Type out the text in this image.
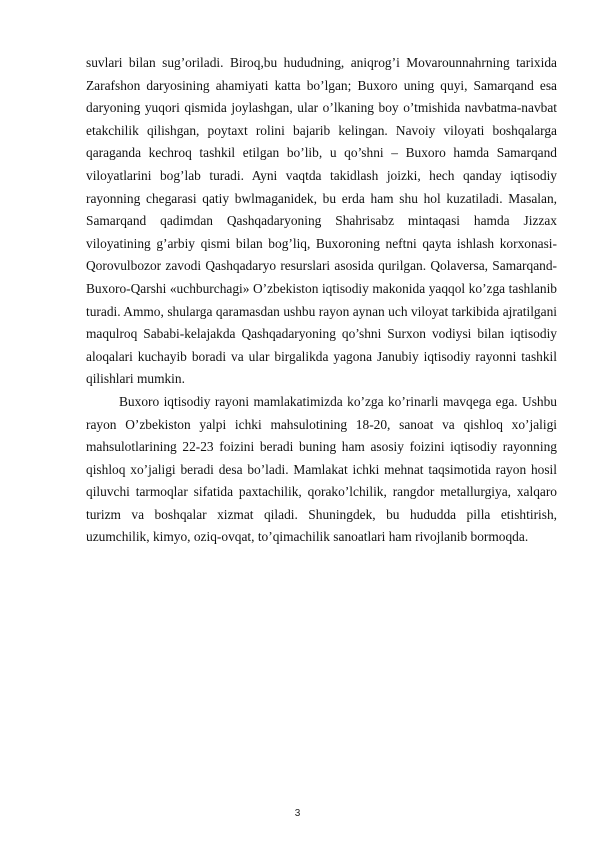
suvlari bilan sug’oriladi. Biroq,bu hududning, aniqrog’i Movarounnahrning tarixida Zarafshon daryosining ahamiyati katta bo’lgan; Buxoro uning quyi, Samarqand esa daryoning yuqori qismida joylashgan, ular o’lkaning boy o’tmishida navbatma-navbat etakchilik qilishgan, poytaxt rolini bajarib kelingan. Navoiy viloyati boshqalarga qaraganda kechroq tashkil etilgan bo’lib, u qo’shni – Buxoro hamda Samarqand viloyatlarini bog’lab turadi. Ayni vaqtda takidlash joizki, hech qanday iqtisodiy rayonning chegarasi qatiy bwlmaganidek, bu erda ham shu hol kuzatiladi. Masalan, Samarqand qadimdan Qashqadaryoning Shahrisabz mintaqasi hamda Jizzax viloyatining g’arbiy qismi bilan bog’liq, Buxoroning neftni qayta ishlash korxonasi-Qorovulbozor zavodi Qashqadaryo resurslari asosida qurilgan. Qolaversa, Samarqand-Buxoro-Qarshi «uchburchagi» O’zbekiston iqtisodiy makonida yaqqol ko’zga tashlanib turadi. Ammo, shularga qaramasdan ushbu rayon aynan uch viloyat tarkibida ajratilgani maqulroq Sababi-kelajakda Qashqadaryoning qo’shni Surxon vodiysi bilan iqtisodiy aloqalari kuchayib boradi va ular birgalikda yagona Janubiy iqtisodiy rayonni tashkil qilishlari mumkin.

Buxoro iqtisodiy rayoni mamlakatimizda ko’zga ko’rinarli mavqega ega. Ushbu rayon O’zbekiston yalpi ichki mahsulotining 18-20, sanoat va qishloq xo’jaligi mahsulotlarining 22-23 foizini beradi buning ham asosiy foizini iqtisodiy rayonning qishloq xo’jaligi beradi desa bo’ladi. Mamlakat ichki mehnat taqsimotida rayon hosil qiluvchi tarmoqlar sifatida paxtachilik, qorako’lchilik, rangdor metallurgiya, xalqaro turizm va boshqalar xizmat qiladi. Shuningdek, bu hududda pilla etishtirish, uzumchilik, kimyo, oziq-ovqat, to’qimachilik sanoatlari ham rivojlanib bormoqda.

3
